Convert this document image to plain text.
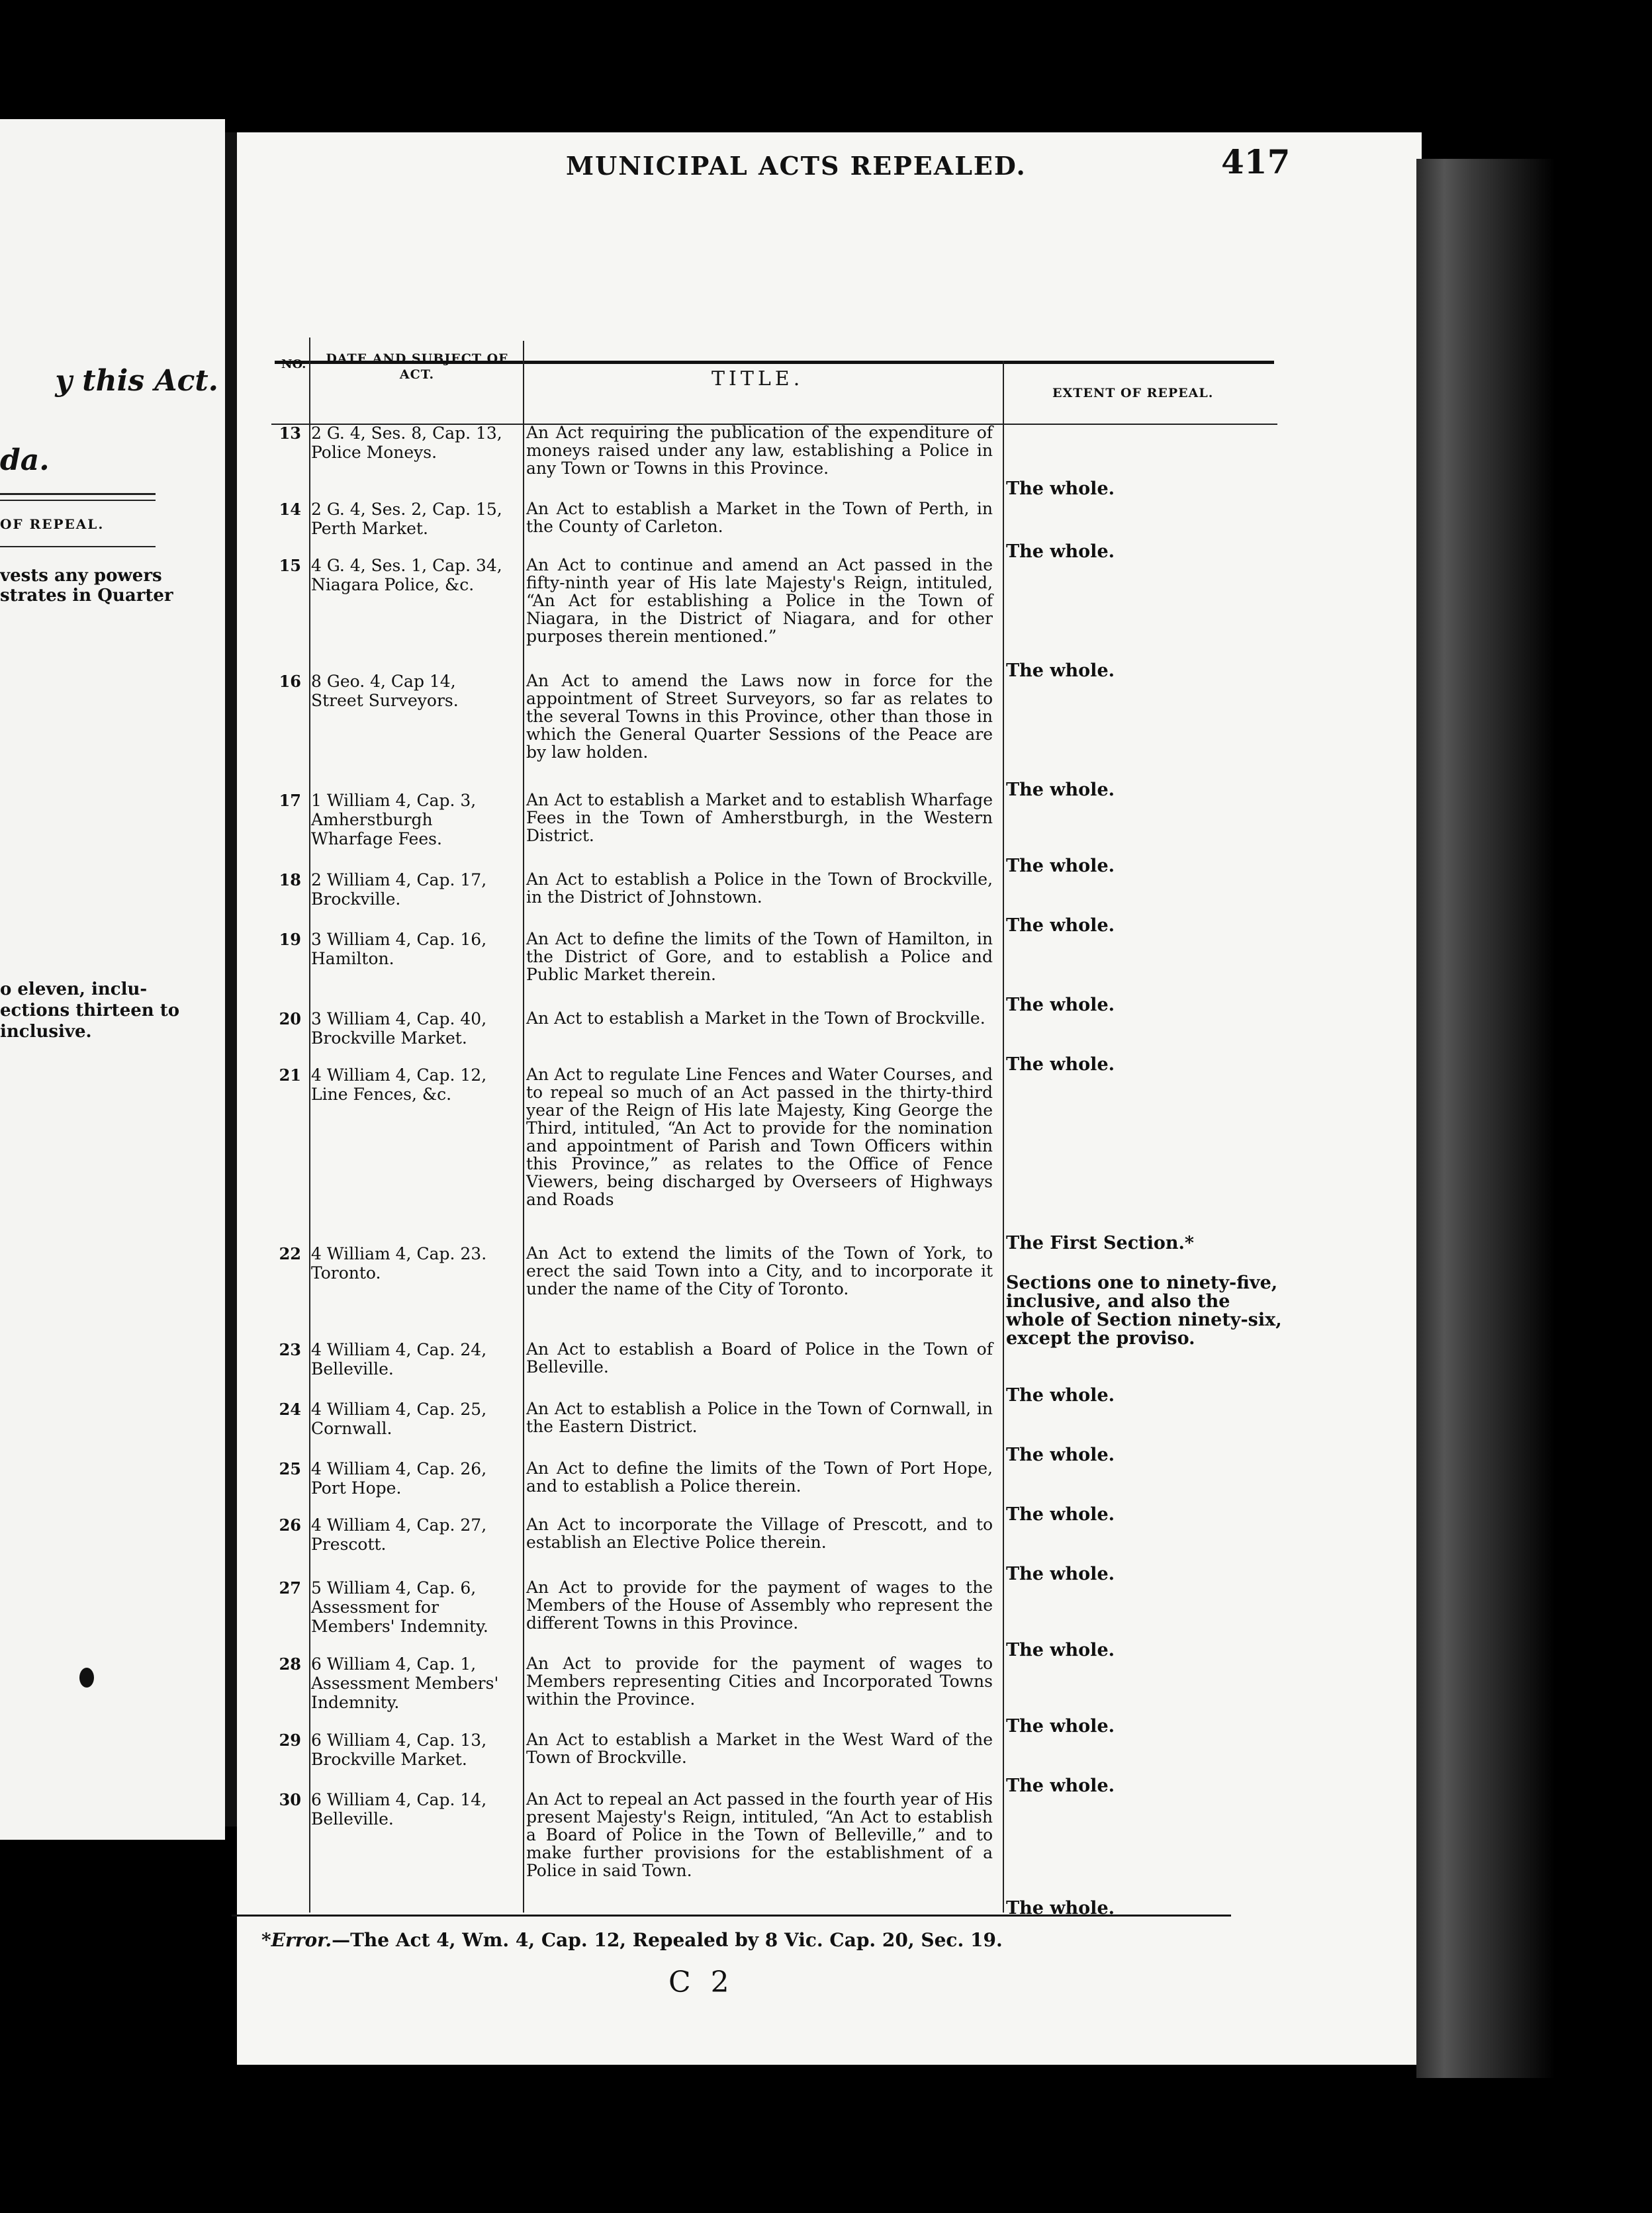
y this Act.
da.
OF REPEAL.
vests any powers
strates in Quarter
o eleven, inclu-
ections thirteen to
inclusive.
MUNICIPAL ACTS REPEALED.	417
NO. DATE AND SUBJECT OF ACT.	TITLE.
EXTENT OF REPEAL.
13 2 G. 4, Ses. 8, Cap. 13, Police Moneys.
An Act requiring the publication of the expenditure of moneys raised under any law, establishing a Police in any Town or Towns in this Province.
The whole.
14 2 G. 4, Ses. 2, Cap. 15, Perth Market.
An Act to establish a Market in the Town of Perth, in the County of Carleton.
The whole.
15 4 G. 4, Ses. 1, Cap. 34, Niagara Police, &c.
An Act to continue and amend an Act passed in the fifty-ninth year of His late Majesty's Reign, intituled, “An Act for establishing a Police in the Town of Niagara, in the District of Niagara, and for other purposes therein mentioned.”
The whole.
16 8 Geo. 4, Cap 14, Street Surveyors.
An Act to amend the Laws now in force for the appointment of Street Surveyors, so far as relates to the several Towns in this Province, other than those in which the General Quarter Sessions of the Peace are by law holden.
The whole.
17 1 William 4, Cap. 3, Amherstburgh Wharfage Fees.
An Act to establish a Market and to establish Wharfage Fees in the Town of Amherstburgh, in the Western District.
The whole.
18 2 William 4, Cap. 17, Brockville.
An Act to establish a Police in the Town of Brockville, in the District of Johnstown.
The whole.
19 3 William 4, Cap. 16, Hamilton.
An Act to define the limits of the Town of Hamilton, in the District of Gore, and to establish a Police and Public Market therein.
The whole.
20 3 William 4, Cap. 40, Brockville Market.
An Act to establish a Market in the Town of Brockville.
The whole.
21 4 William 4, Cap. 12, Line Fences, &c.
An Act to regulate Line Fences and Water Courses, and to repeal so much of an Act passed in the thirty-third year of the Reign of His late Majesty, King George the Third, intituled, “An Act to provide for the nomination and appointment of Parish and Town Officers within this Province,” as relates to the Office of Fence Viewers, being discharged by Overseers of Highways and Roads
The First Section.*
22 4 William 4, Cap. 23. Toronto.
An Act to extend the limits of the Town of York, to erect the said Town into a City, and to incorporate it under the name of the City of Toronto.	Sections one to ninety-five, inclusive, and also the whole of Section ninety-six, except the proviso.
23 4 William 4, Cap. 24, Belleville.
An Act to establish a Board of Police in the Town of Belleville.
The whole.
24 4 William 4, Cap. 25, Cornwall.
An Act to establish a Police in the Town of Cornwall, in the Eastern District.
The whole.
25 4 William 4, Cap. 26, Port Hope.
An Act to define the limits of the Town of Port Hope, and to establish a Police therein.
The whole.
26 4 William 4, Cap. 27, Prescott.
An Act to incorporate the Village of Prescott, and to establish an Elective Police therein.
The whole.
27 5 William 4, Cap. 6, Assessment for Members' Indemnity.
An Act to provide for the payment of wages to the Members of the House of Assembly who represent the different Towns in this Province.
The whole.
28 6 William 4, Cap. 1, Assessment Members' Indemnity.
An Act to provide for the payment of wages to Members representing Cities and Incorporated Towns within the Province.
The whole.
29 6 William 4, Cap. 13, Brockville Market.
An Act to establish a Market in the West Ward of the Town of Brockville.
The whole.
30 6 William 4, Cap. 14, Belleville.
An Act to repeal an Act passed in the fourth year of His present Majesty's Reign, intituled, “An Act to establish a Board of Police in the Town of Belleville,” and to make further provisions for the establishment of a Police in said Town.
The whole.
*Error.—The Act 4, Wm. 4, Cap. 12, Repealed by 8 Vic. Cap. 20, Sec. 19.
C 2
